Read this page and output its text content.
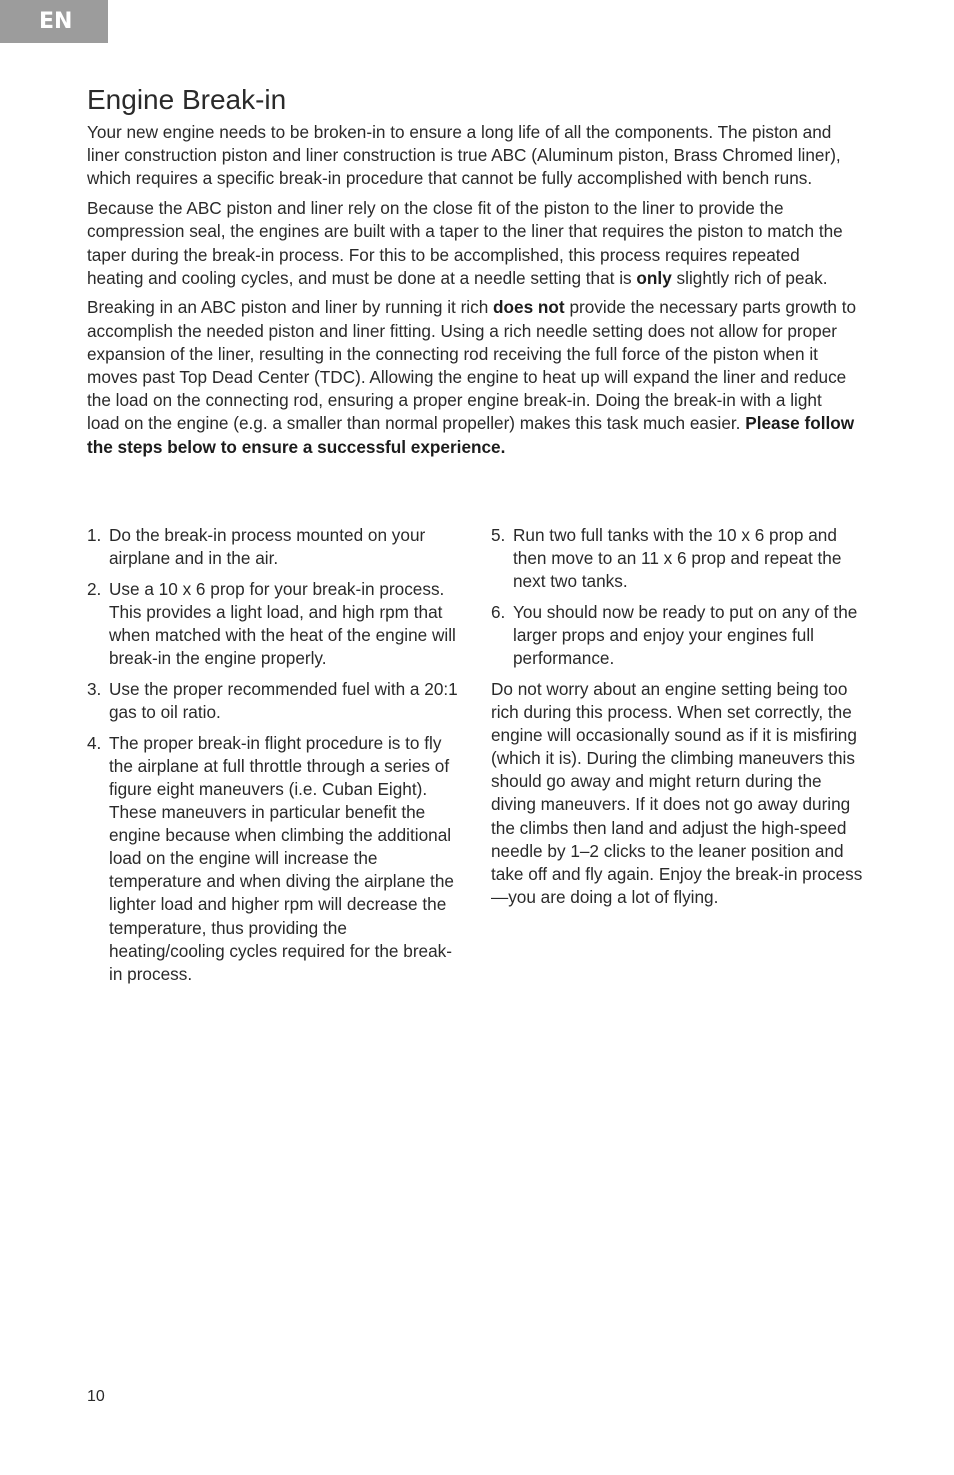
EN
Engine Break-in

Your new engine needs to be broken-in to ensure a long life of all the components. The piston and liner construction piston and liner construction is true ABC (Aluminum piston, Brass Chromed liner), which requires a specific break-in procedure that cannot be fully accomplished with bench runs.

Because the ABC piston and liner rely on the close fit of the piston to the liner to provide the compression seal, the engines are built with a taper to the liner that requires the piston to match the taper during the break-in process. For this to be accomplished, this process requires repeated heating and cooling cycles, and must be done at a needle setting that is only slightly rich of peak.

Breaking in an ABC piston and liner by running it rich does not provide the necessary parts growth to accomplish the needed piston and liner fitting. Using a rich needle setting does not allow for proper expansion of the liner, resulting in the connecting rod receiving the full force of the piston when it moves past Top Dead Center (TDC). Allowing the engine to heat up will expand the liner and reduce the load on the connecting rod, ensuring a proper engine break-in. Doing the break-in with a light load on the engine (e.g. a smaller than normal propeller) makes this task much easier. Please follow the steps below to ensure a successful experience.

1. Do the break-in process mounted on your airplane and in the air.
2. Use a 10 x 6 prop for your break-in process. This provides a light load, and high rpm that when matched with the heat of the engine will break-in the engine properly.
3. Use the proper recommended fuel with a 20:1 gas to oil ratio.
4. The proper break-in flight procedure is to fly the airplane at full throttle through a series of figure eight maneuvers (i.e. Cuban Eight). These maneuvers in particular benefit the engine because when climbing the additional load on the engine will increase the temperature and when diving the airplane the lighter load and higher rpm will decrease the temperature, thus providing the heating/cooling cycles required for the break-in process.
5. Run two full tanks with the 10 x 6 prop and then move to an 11 x 6 prop and repeat the next two tanks.
6. You should now be ready to put on any of the larger props and enjoy your engines full performance.

Do not worry about an engine setting being too rich during this process. When set correctly, the engine will occasionally sound as if it is misfiring (which it is). During the climbing maneuvers this should go away and might return during the diving maneuvers. If it does not go away during the climbs then land and adjust the high-speed needle by 1–2 clicks to the leaner position and take off and fly again. Enjoy the break-in process—you are doing a lot of flying.

10
